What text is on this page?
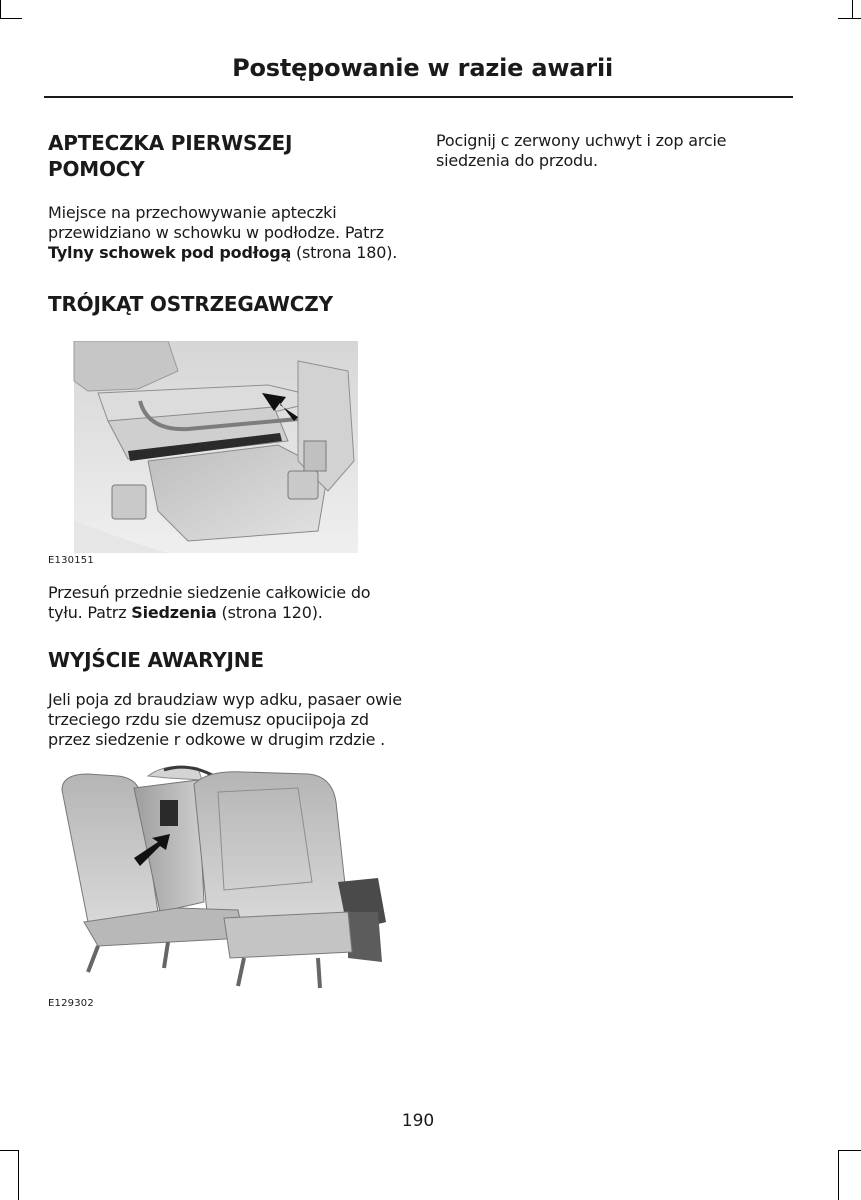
Postępowanie w razie awarii
APTECZKA PIERWSZEJ POMOCY

Miejsce na przechowywanie apteczki przewidziano w schowku w podłodze. Patrz Tylny schowek pod podłogą (strona 180).

TRÓJKĄT OSTRZEGAWCZY
E130151

Przesuń przednie siedzenie całkowicie do tyłu. Patrz Siedzenia (strona 120).

WYJŚCIE AWARYJNE

Jeli poja zd braudziaw wyp adku, pasaer owie trzeciego rzdu sie dzemusz opuciipoja zd przez siedzenie r odkowe w drugim rzdzie .

E129302

Pocignij c zerwony uchwyt i zop arcie siedzenia do przodu.

190
